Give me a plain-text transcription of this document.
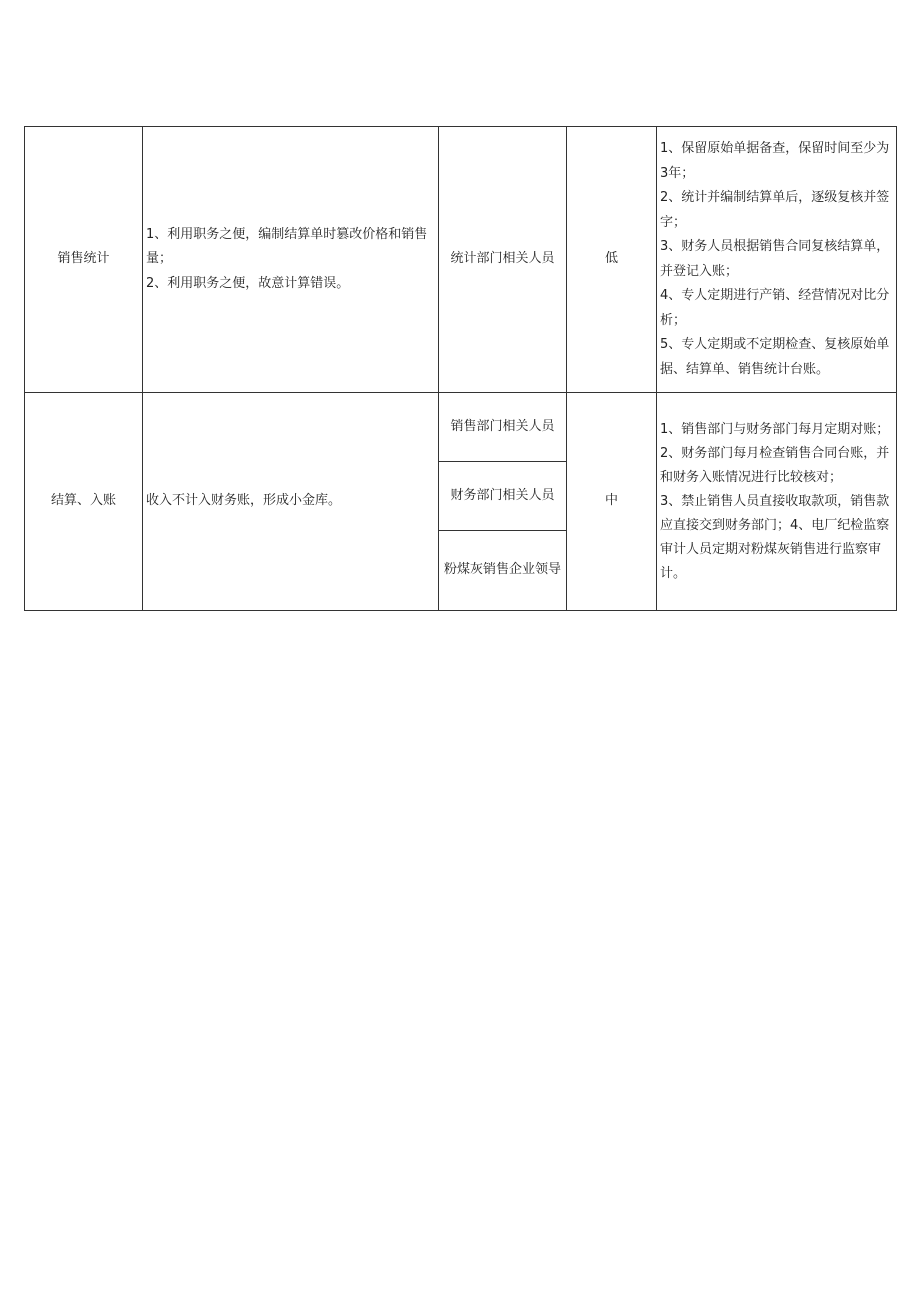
销售统计	1、利用职务之便，编制结算单时篡改价格和销售量；
2、利用职务之便，故意计算错误。	统计部门相关人员	低	1、保留原始单据备查，保留时间至少为3年；
2、统计并编制结算单后，逐级复核并签字；
3、财务人员根据销售合同复核结算单，并登记入账；
4、专人定期进行产销、经营情况对比分析；
5、专人定期或不定期检查、复核原始单据、结算单、销售统计台账。

结算、入账	收入不计入财务账，形成小金库。	销售部门相关人员	中	1、销售部门与财务部门每月定期对账；
2、财务部门每月检查销售合同台账，并和财务入账情况进行比较核对；
3、禁止销售人员直接收取款项，销售款应直接交到财务部门；4、电厂纪检监察审计人员定期对粉煤灰销售进行监察审计。

		财务部门相关人员		
		粉煤灰销售企业领导		
